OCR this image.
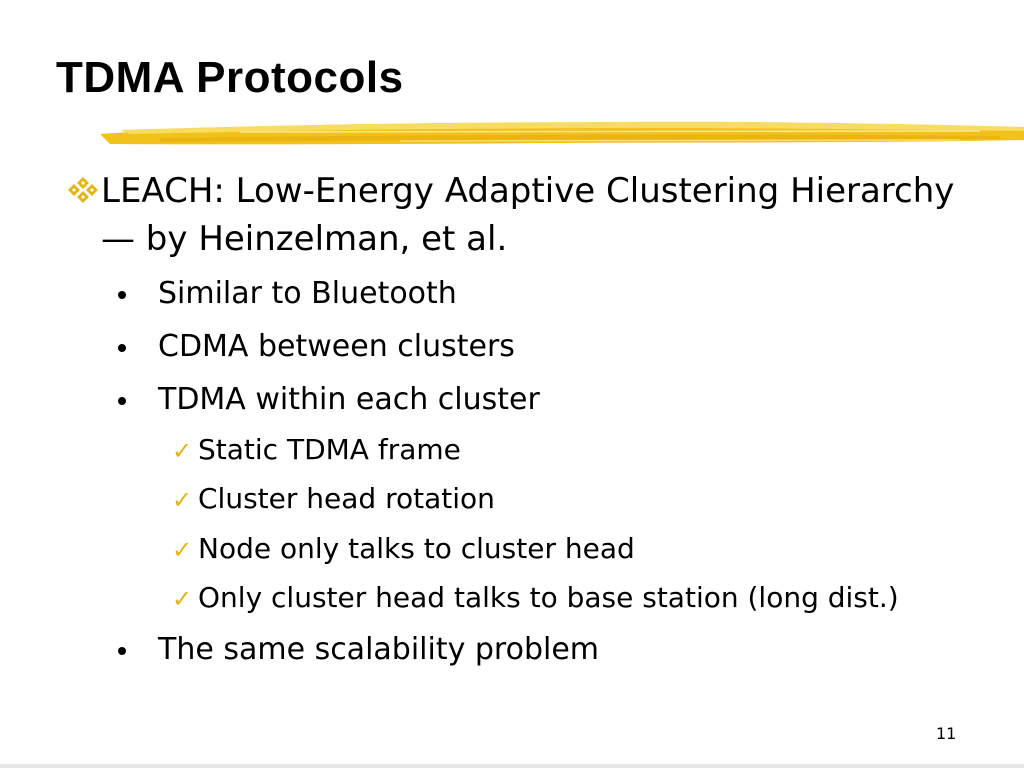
TDMA Protocols
LEACH: Low-Energy Adaptive Clustering Hierarchy — by Heinzelman, et al.
Similar to Bluetooth
CDMA between clusters
TDMA within each cluster
✓ Static TDMA frame
✓ Cluster head rotation
✓ Node only talks to cluster head
✓ Only cluster head talks to base station (long dist.)
The same scalability problem
11
